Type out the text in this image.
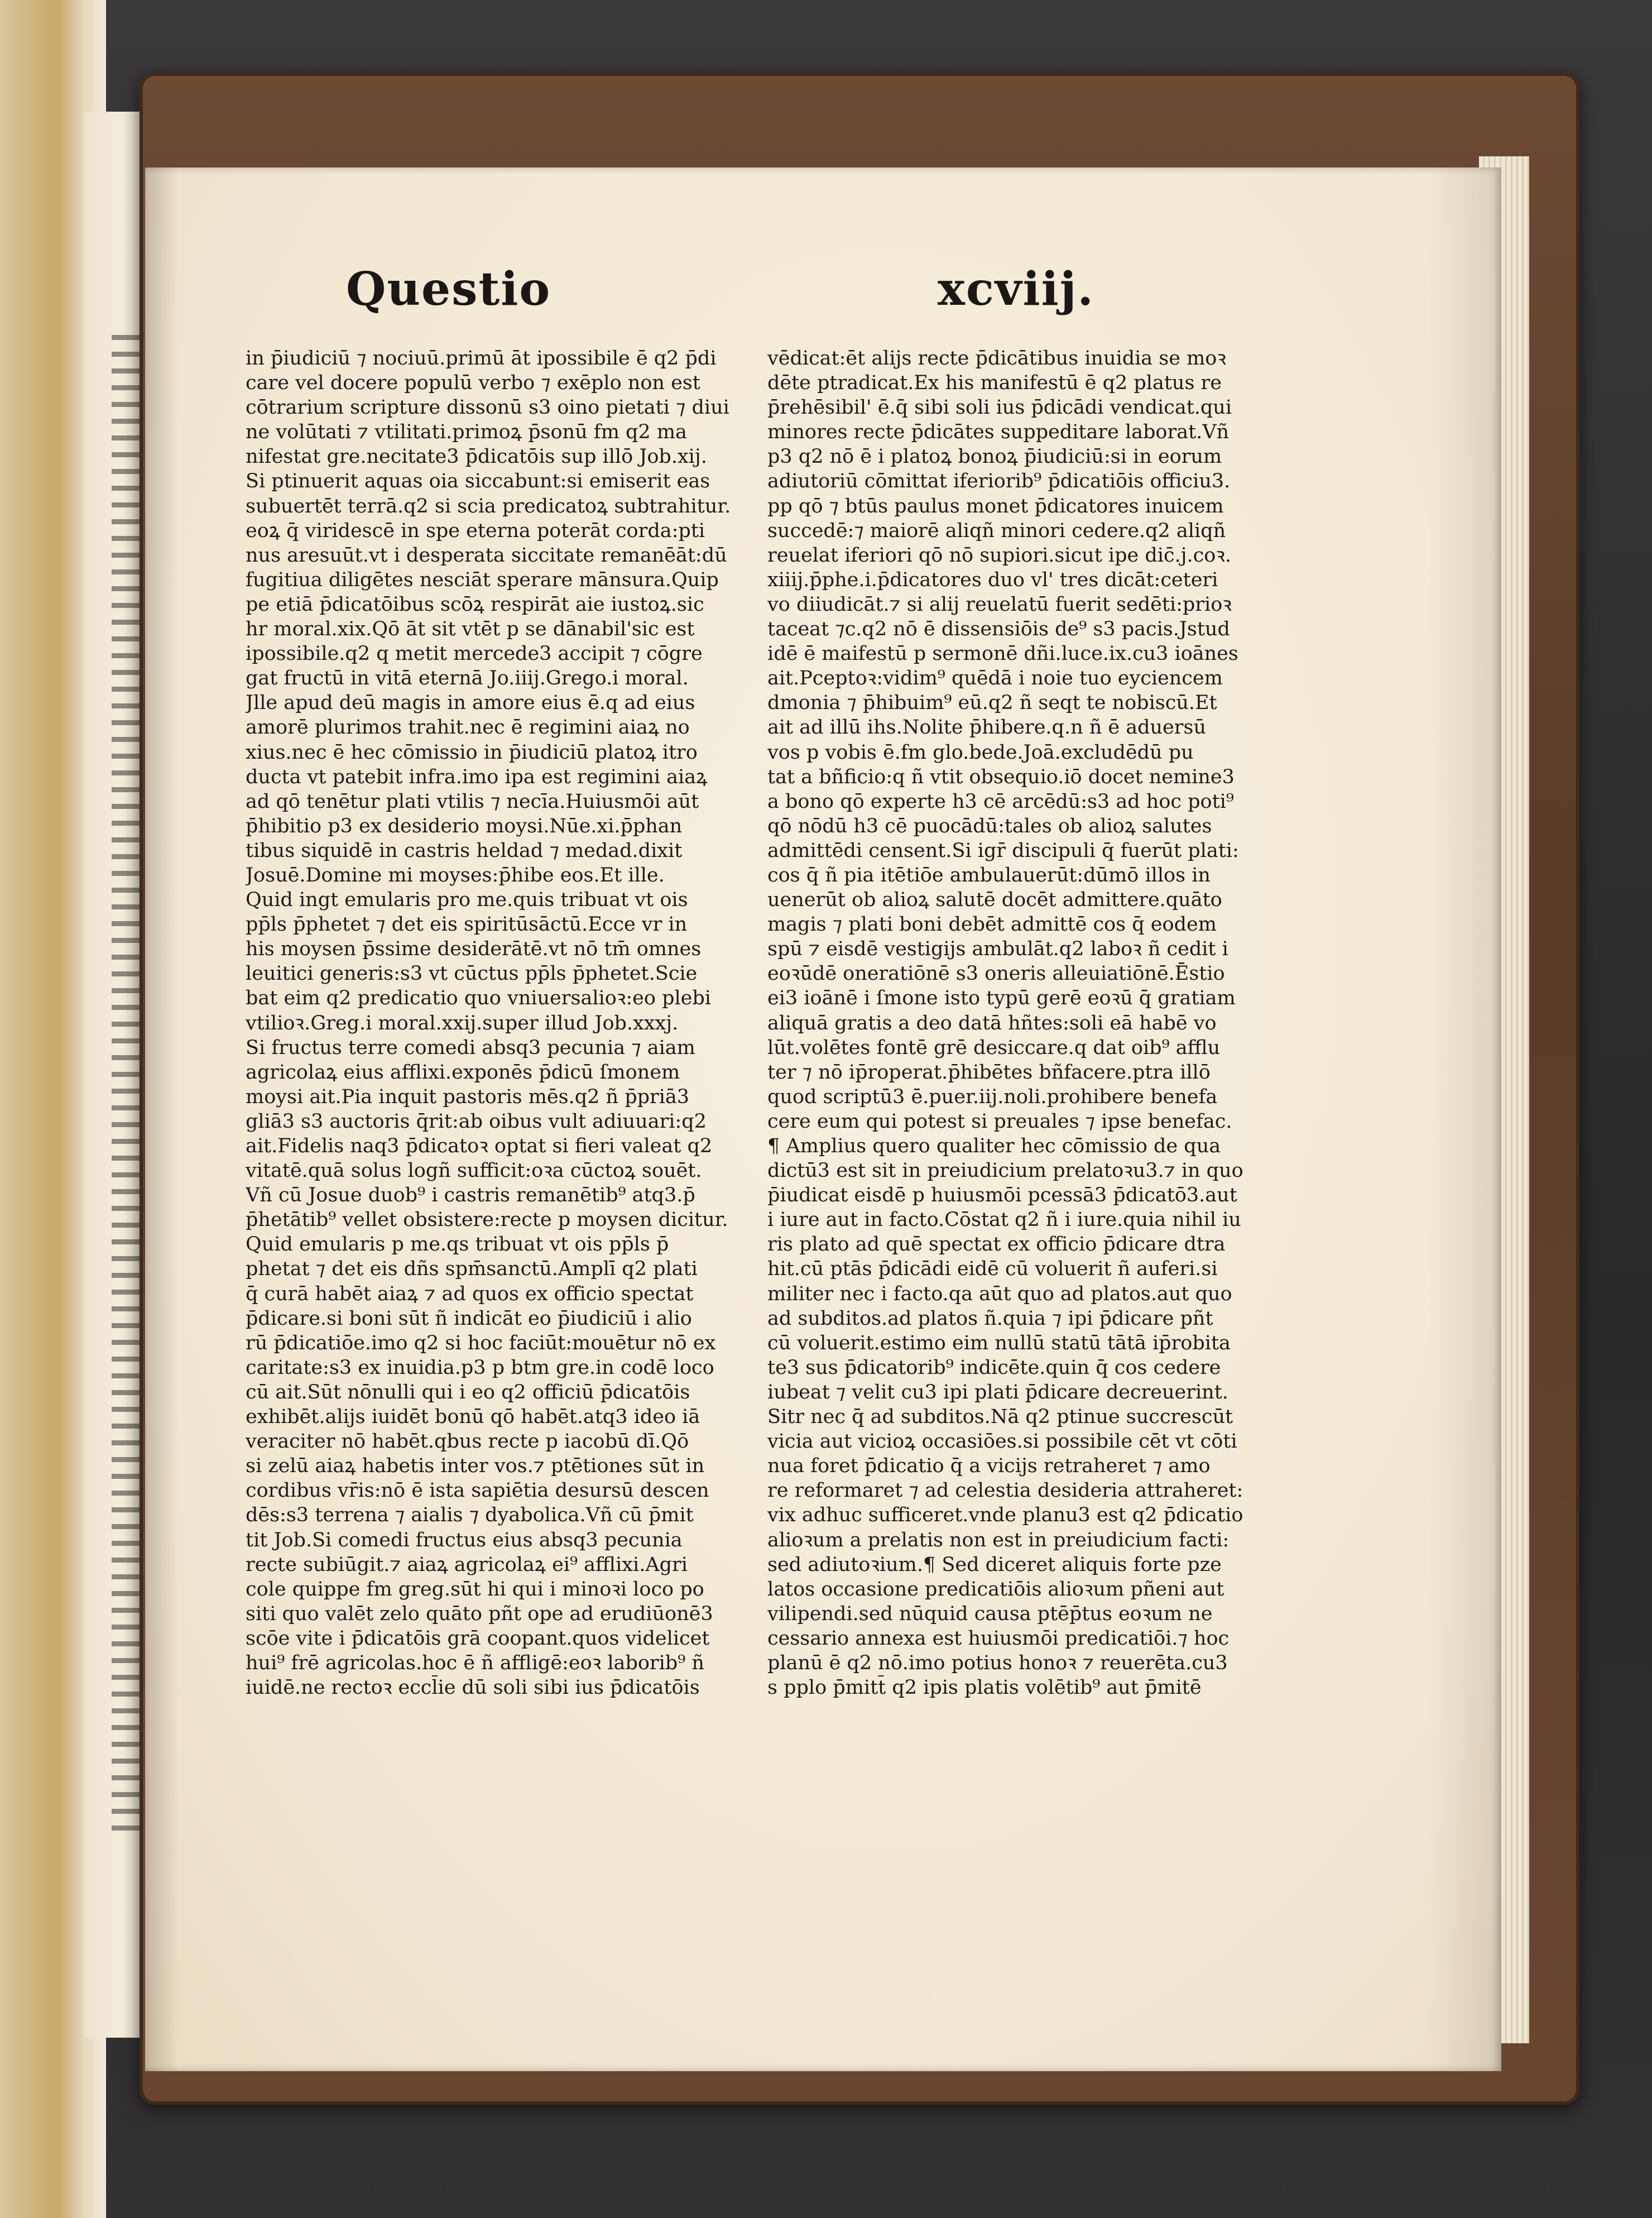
Questio	xcviij.
in p̄iudiciū ⁊ nociuū.primū āt ipossibile ē q2 p̄di
care vel docere populū verbo ⁊ exēplo non est
cōtrarium scripture dissonū s3 oino pietati ⁊ diui
ne volūtati ⁊ vtilitati.primoꝝ p̄sonū fm q2 ma
nifestat gre.necitate3 p̄dicatōis sup illō Job.xij.
Si ptinuerit aquas oia siccabunt:si emiserit eas
subuertēt terrā.q2 si scia predicatoꝝ subtrahitur.
eoꝝ q̄ viridescē in spe eterna poterāt corda:pti
nus aresuūt.vt i desperata siccitate remanēāt:dū
fugitiua diligētes nesciāt sperare mānsura.Quip
pe etiā p̄dicatōibus scōꝝ respirāt aie iustoꝝ.sic
hr moral.xix.Qō āt sit vtēt p se dānabil'sic est
ipossibile.q2 q metit mercede3 accipit ⁊ cōgre
gat fructū in vitā eternā Jo.iiij.Grego.i moral.
Jlle apud deū magis in amore eius ē.q ad eius
amorē plurimos trahit.nec ē regimini aiaꝝ no
xius.nec ē hec cōmissio in p̄iudiciū platoꝝ itro
ducta vt patebit infra.imo ipa est regimini aiaꝝ
ad qō tenētur plati vtilis ⁊ necīa.Huiusmōi aūt
p̄hibitio p3 ex desiderio moysi.Nūe.xi.p̄phan
tibus siquidē in castris heldad ⁊ medad.dixit
Josuē.Domine mi moyses:p̄hibe eos.Et ille.
Quid ingt emularis pro me.quis tribuat vt ois
pp̄ls p̄phetet ⁊ det eis spiritūsāctū.Ecce vr in
his moysen p̄ssime desiderātē.vt nō tm̄ omnes
leuitici generis:s3 vt cūctus pp̄ls p̄phetet.Scie
bat eim q2 predicatio quo vniuersalioꝛ:eo plebi
vtilioꝛ.Greg.i moral.xxij.super illud Job.xxxj.
Si fructus terre comedi absq3 pecunia ⁊ aiam
agricolaꝝ eius afflixi.exponēs p̄dicū ſmonem
moysi ait.Pia inquit pastoris mēs.q2 ñ p̄priā3
gliā3 s3 auctoris q̄rit:ab oibus vult adiuuari:q2
ait.Fidelis naq3 p̄dicatoꝛ optat si fieri valeat q2
vitatē.quā solus logñ sufficit:oꝛa cūctoꝝ souēt.
Vñ cū Josue duob⁹ i castris remanētib⁹ atq3.p̄
p̄hetātib⁹ vellet obsistere:recte p moysen dicitur.
Quid emularis p me.qs tribuat vt ois pp̄ls p̄
phetat ⁊ det eis dñs spm̄sanctū.Amplī q2 plati
q̄ curā habēt aiaꝝ ⁊ ad quos ex officio spectat
p̄dicare.si boni sūt ñ indicāt eo p̄iudiciū i alio
rū p̄dicatiōe.imo q2 si hoc faciūt:mouētur nō ex
caritate:s3 ex inuidia.p3 p btm gre.in codē loco
cū ait.Sūt nōnulli qui i eo q2 officiū p̄dicatōis
exhibēt.alijs iuidēt bonū qō habēt.atq3 ideo iā
veraciter nō habēt.qbus recte p iacobū dī.Qō
si zelū aiaꝝ habetis inter vos.⁊ ptētiones sūt in
cordibus vr̄is:nō ē ista sapiētia desursū descen
dēs:s3 terrena ⁊ aialis ⁊ dyabolica.Vñ cū p̄mit
tit Job.Si comedi fructus eius absq3 pecunia
recte subiūgit.⁊ aiaꝝ agricolaꝝ ei⁹ afflixi.Agri
cole quippe fm greg.sūt hi qui i minoꝛi loco po
siti quo valēt zelo quāto pñt ope ad erudiūonē3
scōe vite i p̄dicatōis grā coopant.quos videlicet
hui⁹ frē agricolas.hoc ē ñ affligē:eoꝛ laborib⁹ ñ
iuidē.ne rectoꝛ eccl̄ie dū soli sibi ius p̄dicatōis
vēdicat:ēt alijs recte p̄dicātibus inuidia se moꝛ
dēte ptradicat.Ex his manifestū ē q2 platus re
p̄rehēsibil' ē.q̄ sibi soli ius p̄dicādi vendicat.qui
minores recte p̄dicātes suppeditare laborat.Vñ
p3 q2 nō ē i platoꝝ bonoꝝ p̄iudiciū:si in eorum
adiutoriū cōmittat iferiorib⁹ p̄dicatiōis officiu3.
pp qō ⁊ btūs paulus monet p̄dicatores inuicem
succedē:⁊ maiorē aliqñ minori cedere.q2 aliqñ
reuelat iferiori qō nō supiori.sicut ipe dic̄.j.coꝛ.
xiiij.p̄phe.i.p̄dicatores duo vl' tres dicāt:ceteri
vo diiudicāt.⁊ si alij reuelatū fuerit sedēti:prioꝛ
taceat ⁊c.q2 nō ē dissensiōis de⁹ s3 pacis.Jstud
idē ē maifestū p sermonē dñi.luce.ix.cu3 ioānes
ait.Pceptoꝛ:vidim⁹ quēdā i noie tuo eyciencem
dmonia ⁊ p̄hibuim⁹ eū.q2 ñ seqt te nobiscū.Et
ait ad illū ihs.Nolite p̄hibere.q.n ñ ē aduersū
vos p vobis ē.fm glo.bede.Joā.excludēdū pu
tat a bñficio:q ñ vtit obsequio.iō docet nemine3
a bono qō experte h3 cē arcēdū:s3 ad hoc poti⁹
qō nōdū h3 cē puocādū:tales ob alioꝝ salutes
admittēdi censent.Si igr̄ discipuli q̄ fuerūt plati:
cos q̄ ñ pia itētiōe ambulauerūt:dūmō illos in
uenerūt ob alioꝝ salutē docēt admittere.quāto
magis ⁊ plati boni debēt admittē cos q̄ eodem
spū ⁊ eisdē vestigijs ambulāt.q2 laboꝛ ñ cedit i
eoꝛūdē oneratiōnē s3 oneris alleuiatiōnē.Ēstio
ei3 ioānē i ſmone isto typū gerē eoꝛū q̄ gratiam
aliquā gratis a deo datā hñtes:soli eā habē vo
lūt.volētes fontē grē desiccare.q dat oib⁹ afflu
ter ⁊ nō ip̄roperat.p̄hibētes bñfacere.ptra illō
quod scriptū3 ē.puer.iij.noli.prohibere benefa
cere eum qui potest si preuales ⁊ ipse benefac.
¶ Amplius quero qualiter hec cōmissio de qua
dictū3 est sit in preiudicium prelatoꝛu3.⁊ in quo
p̄iudicat eisdē p huiusmōi pcessā3 p̄dicatō3.aut
i iure aut in facto.Cōstat q2 ñ i iure.quia nihil iu
ris plato ad quē spectat ex officio p̄dicare dtra
hit.cū ptās p̄dicādi eidē cū voluerit ñ auferi.si
militer nec i facto.qa aūt quo ad platos.aut quo
ad subditos.ad platos ñ.quia ⁊ ipi p̄dicare pñt
cū voluerit.estimo eim nullū statū tātā ip̄robita
te3 sus p̄dicatorib⁹ indicēte.quin q̄ cos cedere
iubeat ⁊ velit cu3 ipi plati p̄dicare decreuerint.
Sitr nec q̄ ad subditos.Nā q2 ptinue succrescūt
vicia aut vicioꝝ occasiōes.si possibile cēt vt cōti
nua foret p̄dicatio q̄ a vicijs retraheret ⁊ amo
re reformaret ⁊ ad celestia desideria attraheret:
vix adhuc sufficeret.vnde planu3 est q2 p̄dicatio
alioꝛum a prelatis non est in preiudicium facti:
sed adiutoꝛium.¶ Sed diceret aliquis forte pze
latos occasione predicatiōis alioꝛum pñeni aut
vilipendi.sed nūquid causa ptēp̄tus eoꝛum ne
cessario annexa est huiusmōi predicatiōi.⁊ hoc
planū ē q2 nō.imo potius honoꝛ ⁊ reuerēta.cu3
s pplo p̄mitt̄ q2 ipis platis volētib⁹ aut p̄mitē
